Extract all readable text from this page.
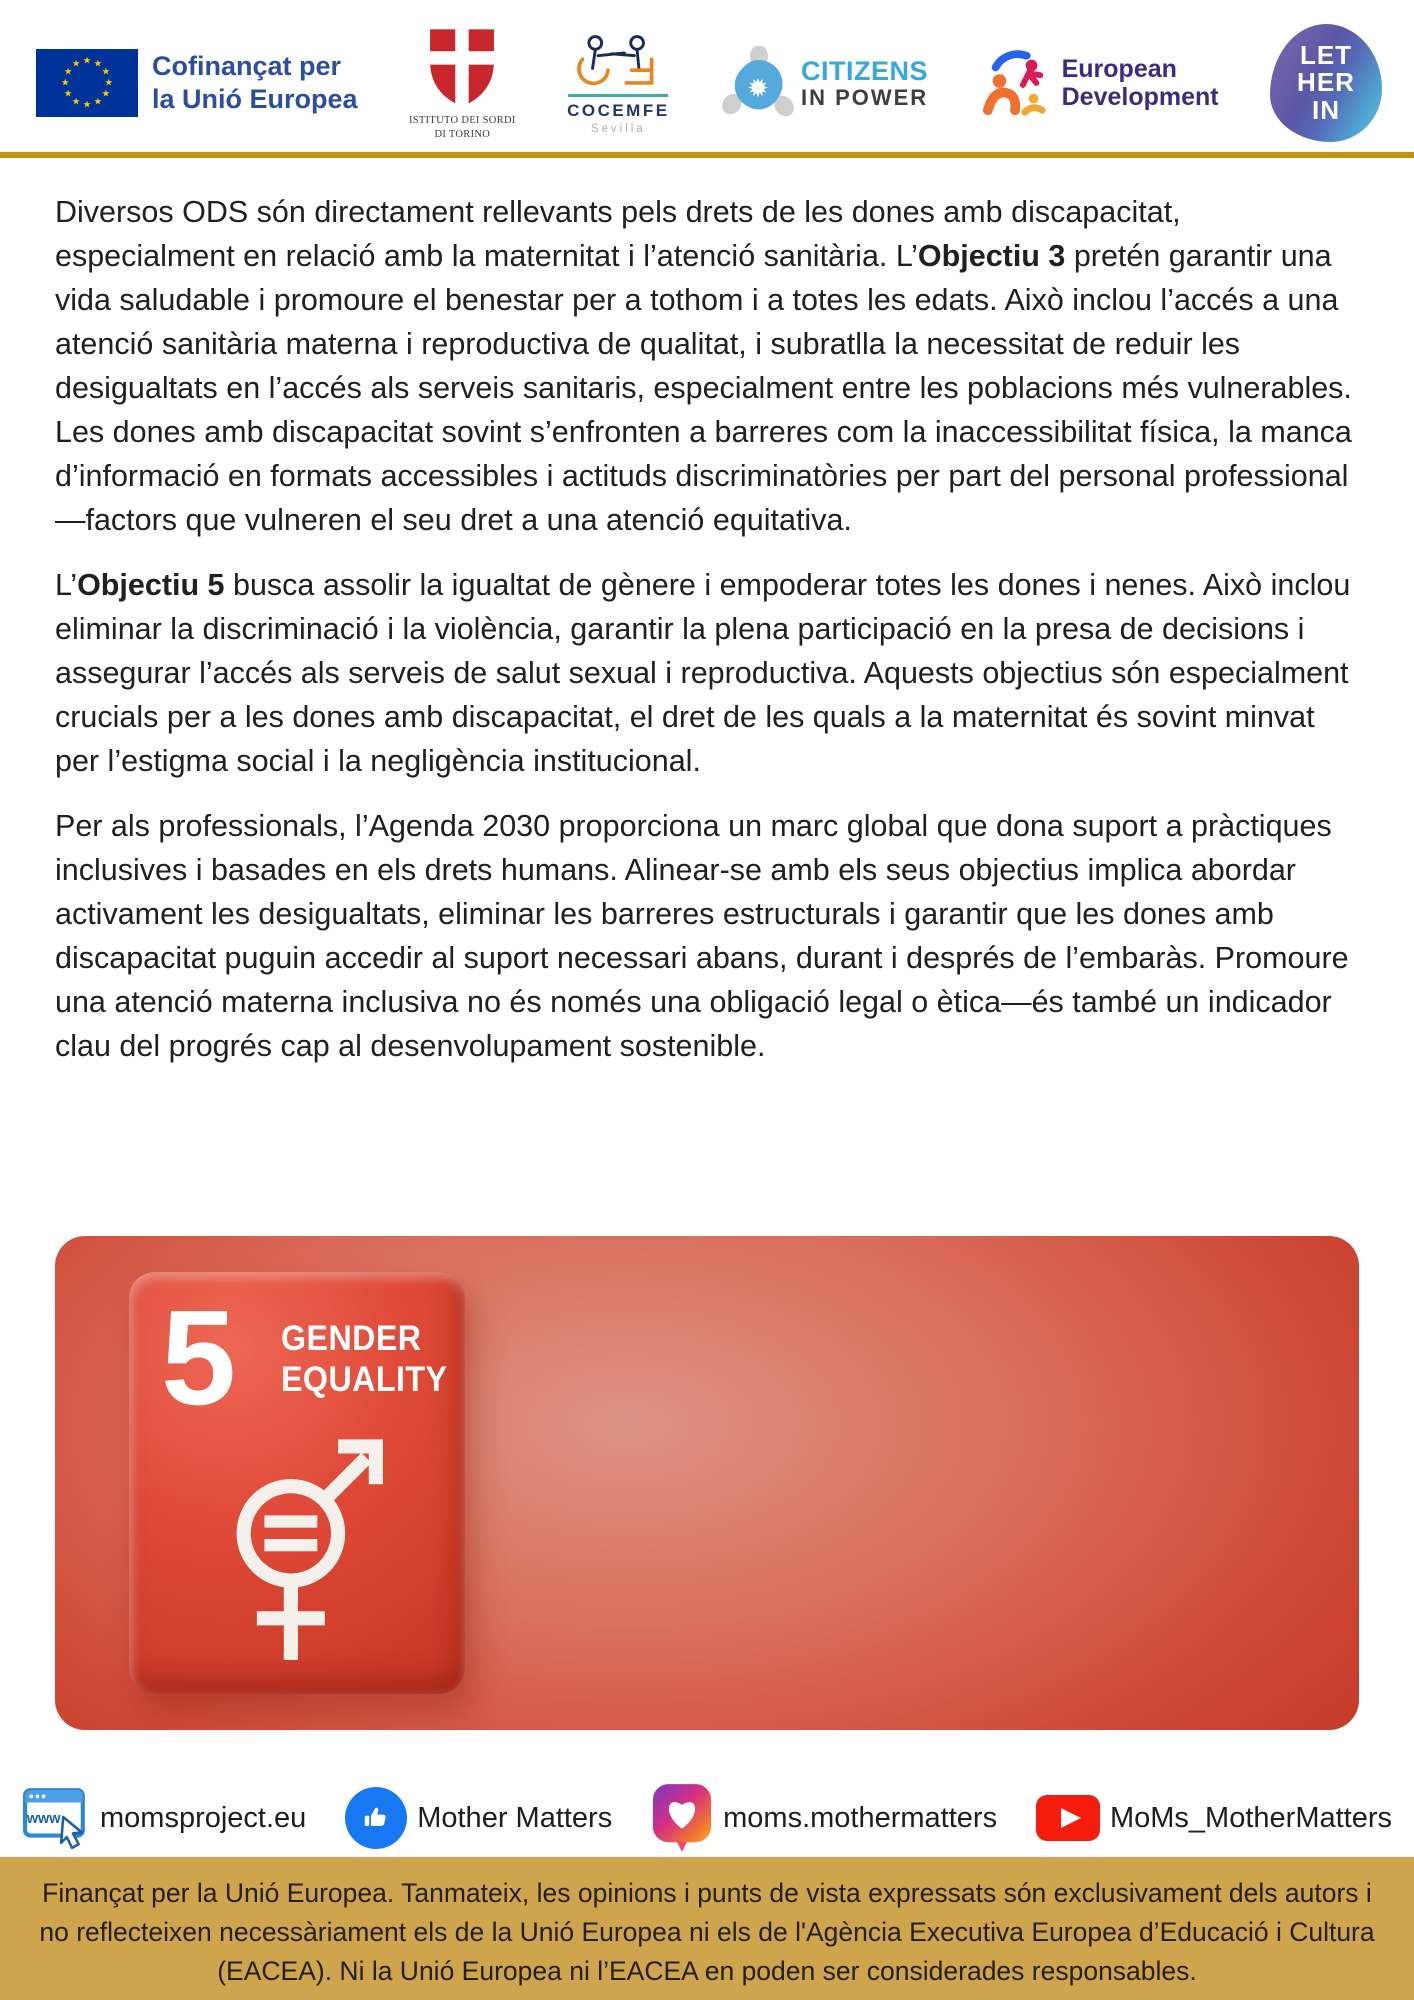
★ ★
★
★
★
★
★
★
★
★
★
★	Cofinançat per
la Unió Europea
ISTITUTO DEI SORDI
DI TORINO
COCEMFE
Sevilla
✹
CITIZENS
IN POWER
European
Development
LET
HER
IN

Diversos ODS són directament rellevants pels drets de les dones amb discapacitat, especialment en relació amb la maternitat i l’atenció sanitària. L’Objectiu 3 pretén garantir una vida saludable i promoure el benestar per a tothom i a totes les edats. Això inclou l’accés a una atenció sanitària materna i reproductiva de qualitat, i subratlla la necessitat de reduir les desigualtats en l’accés als serveis sanitaris, especialment entre les poblacions més vulnerables. Les dones amb discapacitat sovint s’enfronten a barreres com la inaccessibilitat física, la manca d’informació en formats accessibles i actituds discriminatòries per part del personal professional—factors que vulneren el seu dret a una atenció equitativa.

L’Objectiu 5 busca assolir la igualtat de gènere i empoderar totes les dones i nenes. Això inclou eliminar la discriminació i la violència, garantir la plena participació en la presa de decisions i assegurar l’accés als serveis de salut sexual i reproductiva. Aquests objectius són especialment crucials per a les dones amb discapacitat, el dret de les quals a la maternitat és sovint minvat per l’estigma social i la negligència institucional.

Per als professionals, l’Agenda 2030 proporciona un marc global que dona suport a pràctiques inclusives i basades en els drets humans. Alinear-se amb els seus objectius implica abordar activament les desigualtats, eliminar les barreres estructurals i garantir que les dones amb discapacitat puguin accedir al suport necessari abans, durant i després de l’embaràs. Promoure una atenció materna inclusiva no és només una obligació legal o ètica—és també un indicador clau del progrés cap al desenvolupament sostenible.

5 GENDER
EQUALITY
www momsproject.eu	Mother Matters	moms.mothermatters	MoMs_MotherMatters

Finançat per la Unió Europea. Tanmateix, les opinions i punts de vista expressats són exclusivament dels autors i no reflecteixen necessàriament els de la Unió Europea ni els de l'Agència Executiva Europea d’Educació i Cultura (EACEA). Ni la Unió Europea ni l’EACEA en poden ser considerades responsables.
